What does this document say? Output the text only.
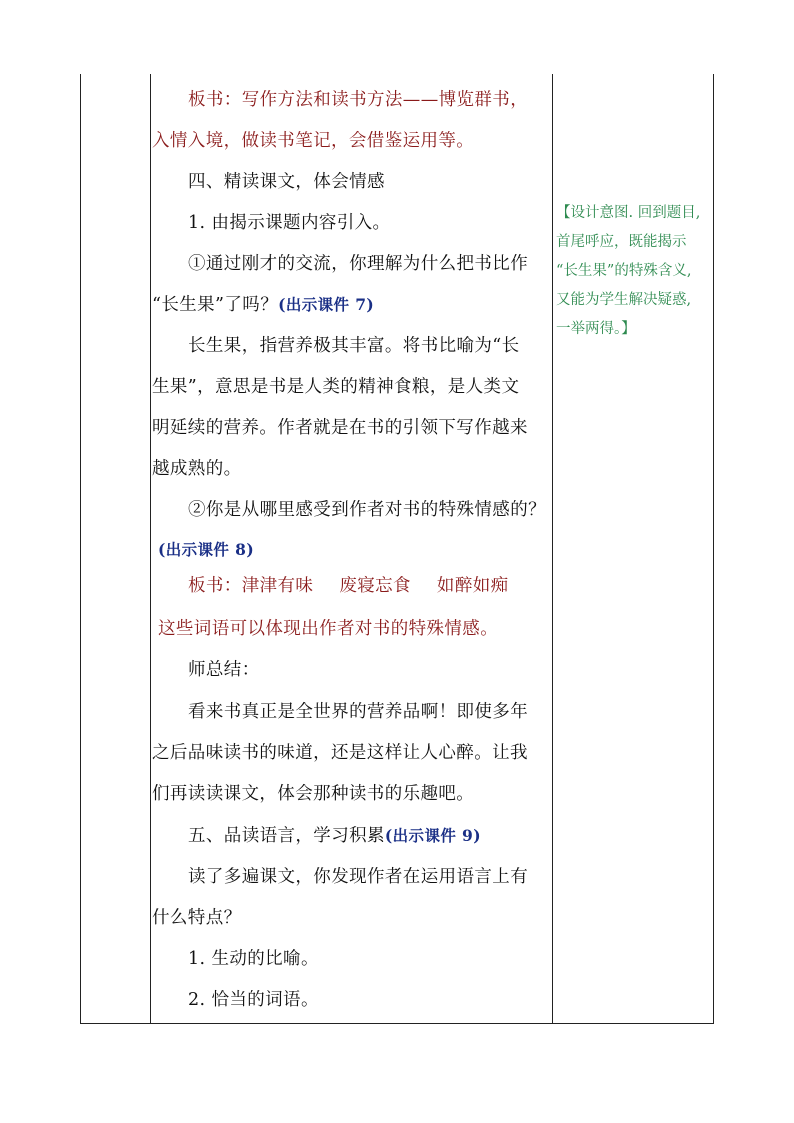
板书：写作方法和读书方法——博览群书，
入情入境，做读书笔记，会借鉴运用等。
四、精读课文，体会情感
1. 由揭示课题内容引入。
①通过刚才的交流，你理解为什么把书比作
“长生果”了吗？(出示课件 7)
长生果，指营养极其丰富。将书比喻为“长
生果”，意思是书是人类的精神食粮，是人类文
明延续的营养。作者就是在书的引领下写作越来
越成熟的。
②你是从哪里感受到作者对书的特殊情感的？
(出示课件 8)
板书：津津有味 废寝忘食 如醉如痴
这些词语可以体现出作者对书的特殊情感。
师总结：
看来书真正是全世界的营养品啊！即使多年
之后品味读书的味道，还是这样让人心醉。让我
们再读读课文，体会那种读书的乐趣吧。
五、品读语言，学习积累(出示课件 9)
读了多遍课文，你发现作者在运用语言上有
什么特点？
1. 生动的比喻。
2. 恰当的词语。
【设计意图. 回到题目,
首尾呼应，既能揭示
“长生果”的特殊含义,
又能为学生解决疑惑,
一举两得。】
